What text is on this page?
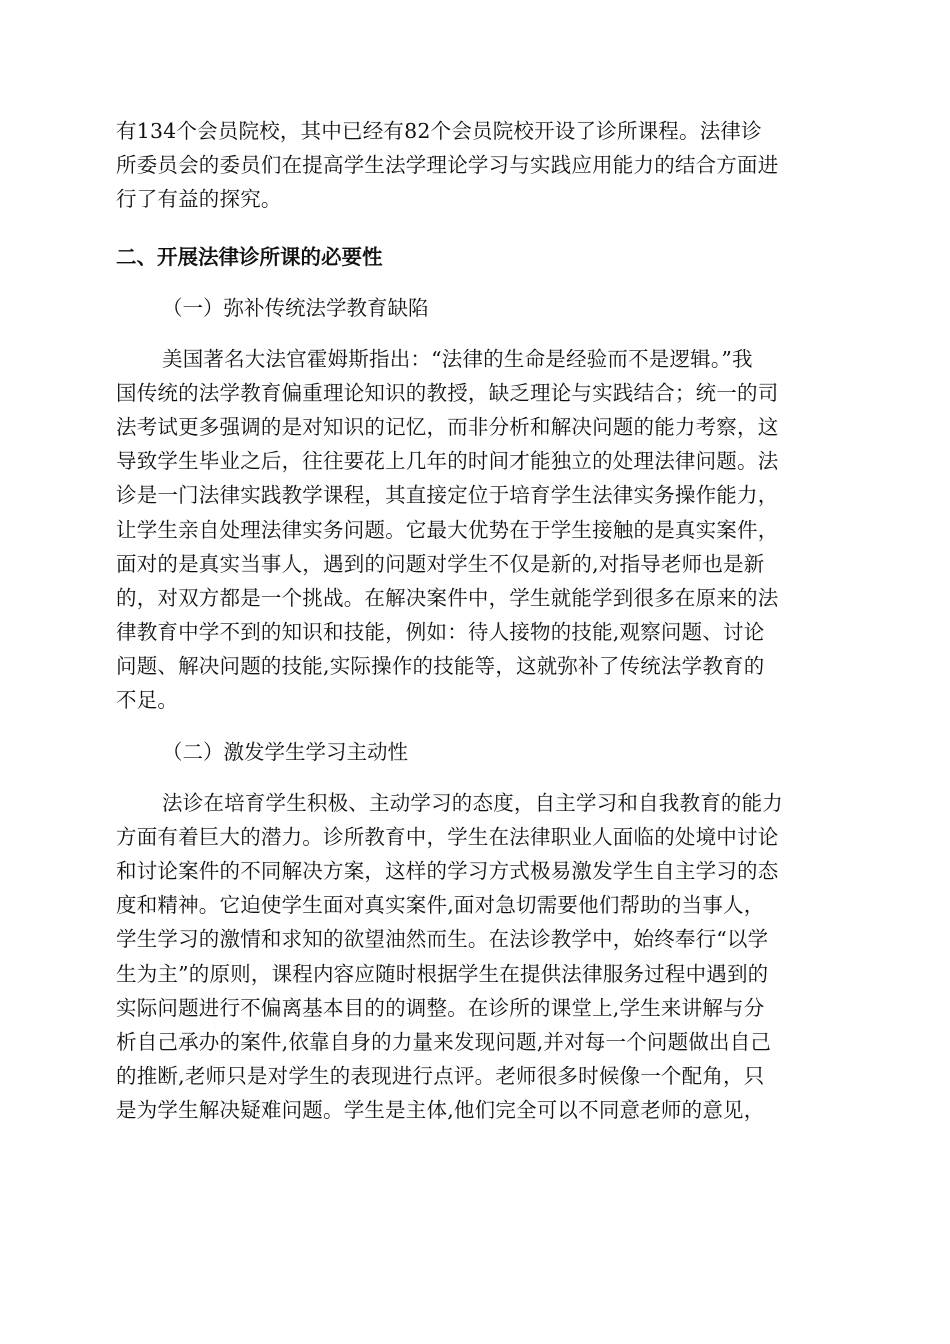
有134个会员院校，其中已经有82个会员院校开设了诊所课程。法律诊
所委员会的委员们在提高学生法学理论学习与实践应用能力的结合方面进
行了有益的探究。
二、开展法律诊所课的必要性
（一）弥补传统法学教育缺陷
美国著名大法官霍姆斯指出：“法律的生命是经验而不是逻辑。”我
国传统的法学教育偏重理论知识的教授，缺乏理论与实践结合；统一的司
法考试更多强调的是对知识的记忆，而非分析和解决问题的能力考察，这
导致学生毕业之后，往往要花上几年的时间才能独立的处理法律问题。法
诊是一门法律实践教学课程，其直接定位于培育学生法律实务操作能力，
让学生亲自处理法律实务问题。它最大优势在于学生接触的是真实案件，
面对的是真实当事人，遇到的问题对学生不仅是新的,对指导老师也是新
的，对双方都是一个挑战。在解决案件中，学生就能学到很多在原来的法
律教育中学不到的知识和技能，例如：待人接物的技能,观察问题、讨论
问题、解决问题的技能,实际操作的技能等，这就弥补了传统法学教育的
不足。
（二）激发学生学习主动性
法诊在培育学生积极、主动学习的态度，自主学习和自我教育的能力
方面有着巨大的潜力。诊所教育中，学生在法律职业人面临的处境中讨论
和讨论案件的不同解决方案，这样的学习方式极易激发学生自主学习的态
度和精神。它迫使学生面对真实案件,面对急切需要他们帮助的当事人，
学生学习的激情和求知的欲望油然而生。在法诊教学中，始终奉行“以学
生为主”的原则，课程内容应随时根据学生在提供法律服务过程中遇到的
实际问题进行不偏离基本目的的调整。在诊所的课堂上,学生来讲解与分
析自己承办的案件,依靠自身的力量来发现问题,并对每一个问题做出自己
的推断,老师只是对学生的表现进行点评。老师很多时候像一个配角，只
是为学生解决疑难问题。学生是主体,他们完全可以不同意老师的意见，
